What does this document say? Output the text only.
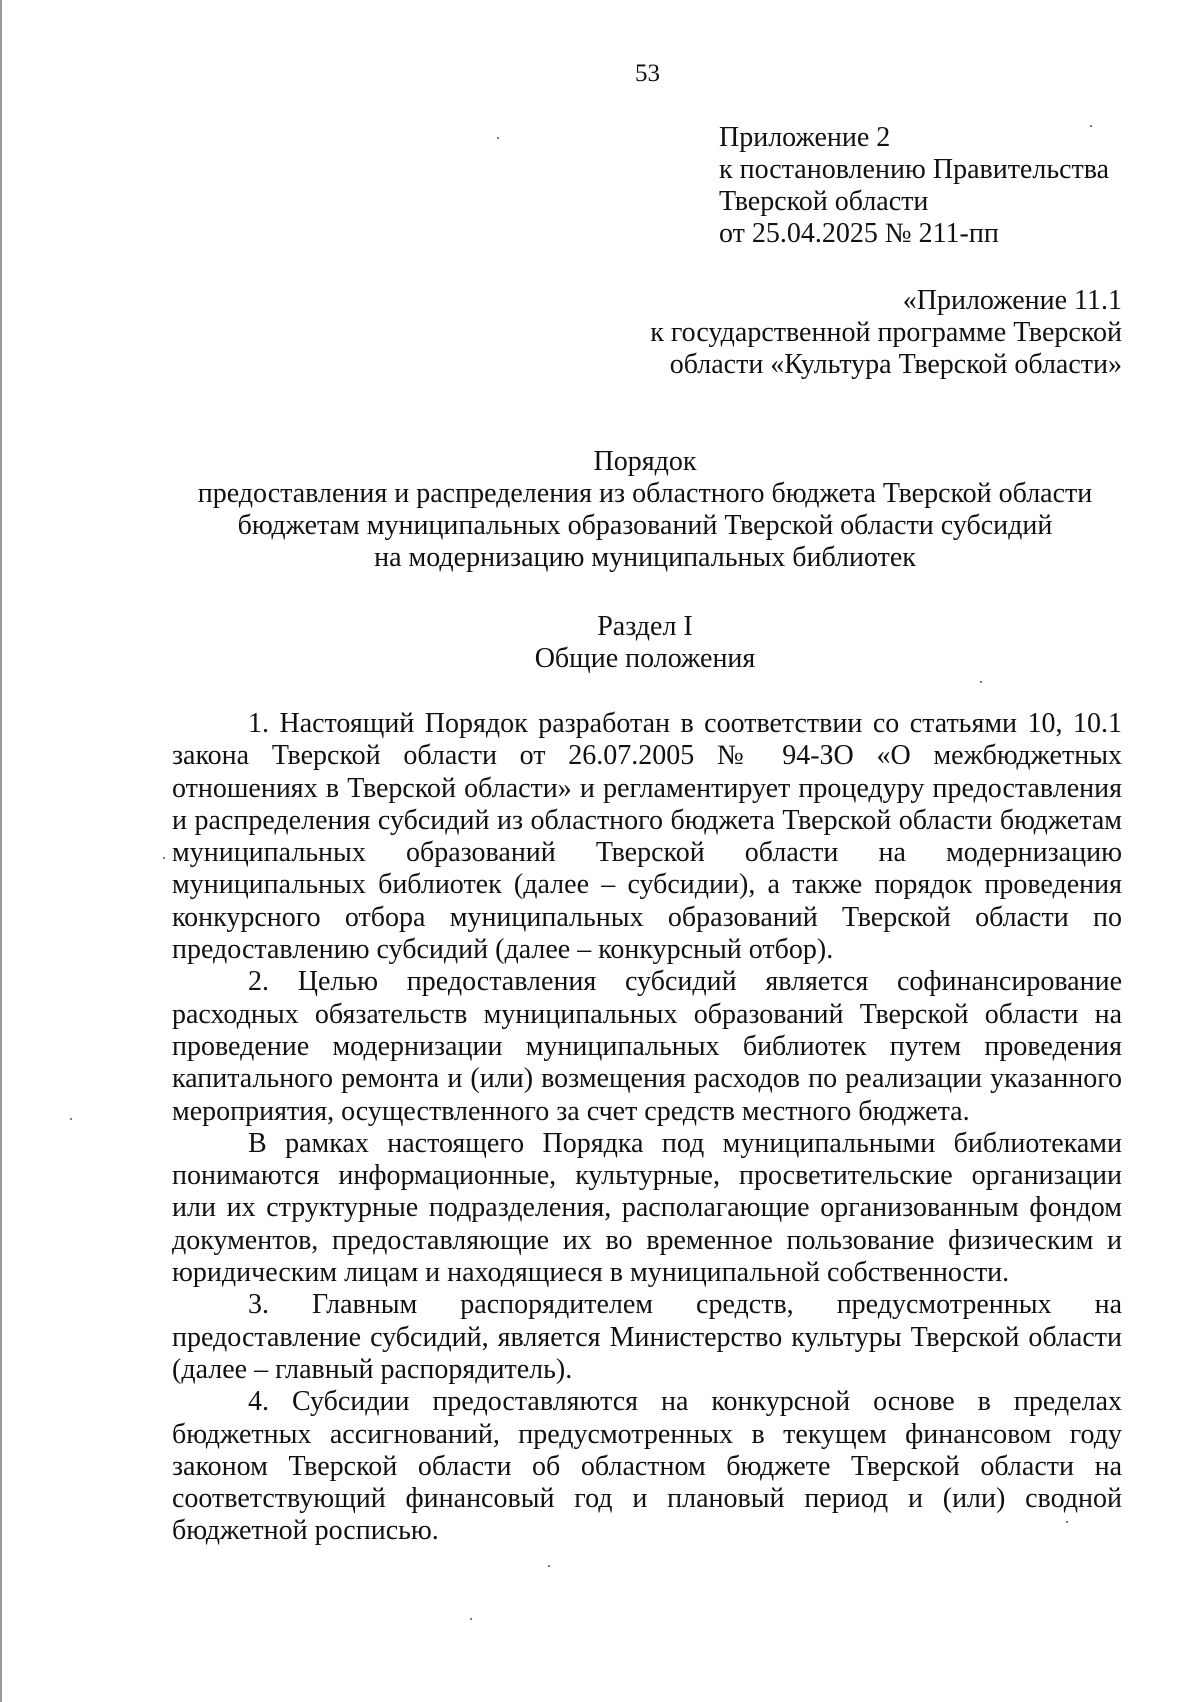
53
Приложение 2
к постановлению Правительства
Тверской области
от 25.04.2025 № 211-пп
«Приложение 11.1
к государственной программе Тверской
области «Культура Тверской области»
Порядок
предоставления и распределения из областного бюджета Тверской области
бюджетам муниципальных образований Тверской области субсидий
на модернизацию муниципальных библиотек
Раздел I
Общие положения

1. Настоящий Порядок разработан в соответствии со статьями 10, 10.1 закона Тверской области от 26.07.2005 № 94-ЗО «О межбюджетных отношениях в Тверской области» и регламентирует процедуру предоставления и распределения субсидий из областного бюджета Тверской области бюджетам муниципальных образований Тверской области на модернизацию муниципальных библиотек (далее – субсидии), а также порядок проведения конкурсного отбора муниципальных образований Тверской области по предоставлению субсидий (далее – конкурсный отбор).

2. Целью предоставления субсидий является софинансирование расходных обязательств муниципальных образований Тверской области на проведение модернизации муниципальных библиотек путем проведения капитального ремонта и (или) возмещения расходов по реализации указанного мероприятия, осуществленного за счет средств местного бюджета.

В рамках настоящего Порядка под муниципальными библиотеками понимаются информационные, культурные, просветительские организации или их структурные подразделения, располагающие организованным фондом документов, предоставляющие их во временное пользование физическим и юридическим лицам и находящиеся в муниципальной собственности.

3. Главным распорядителем средств, предусмотренных на предоставление субсидий, является Министерство культуры Тверской области (далее – главный распорядитель).

4. Субсидии предоставляются на конкурсной основе в пределах бюджетных ассигнований, предусмотренных в текущем финансовом году законом Тверской области об областном бюджете Тверской области на соответствующий финансовый год и плановый период и (или) сводной бюджетной росписью.
